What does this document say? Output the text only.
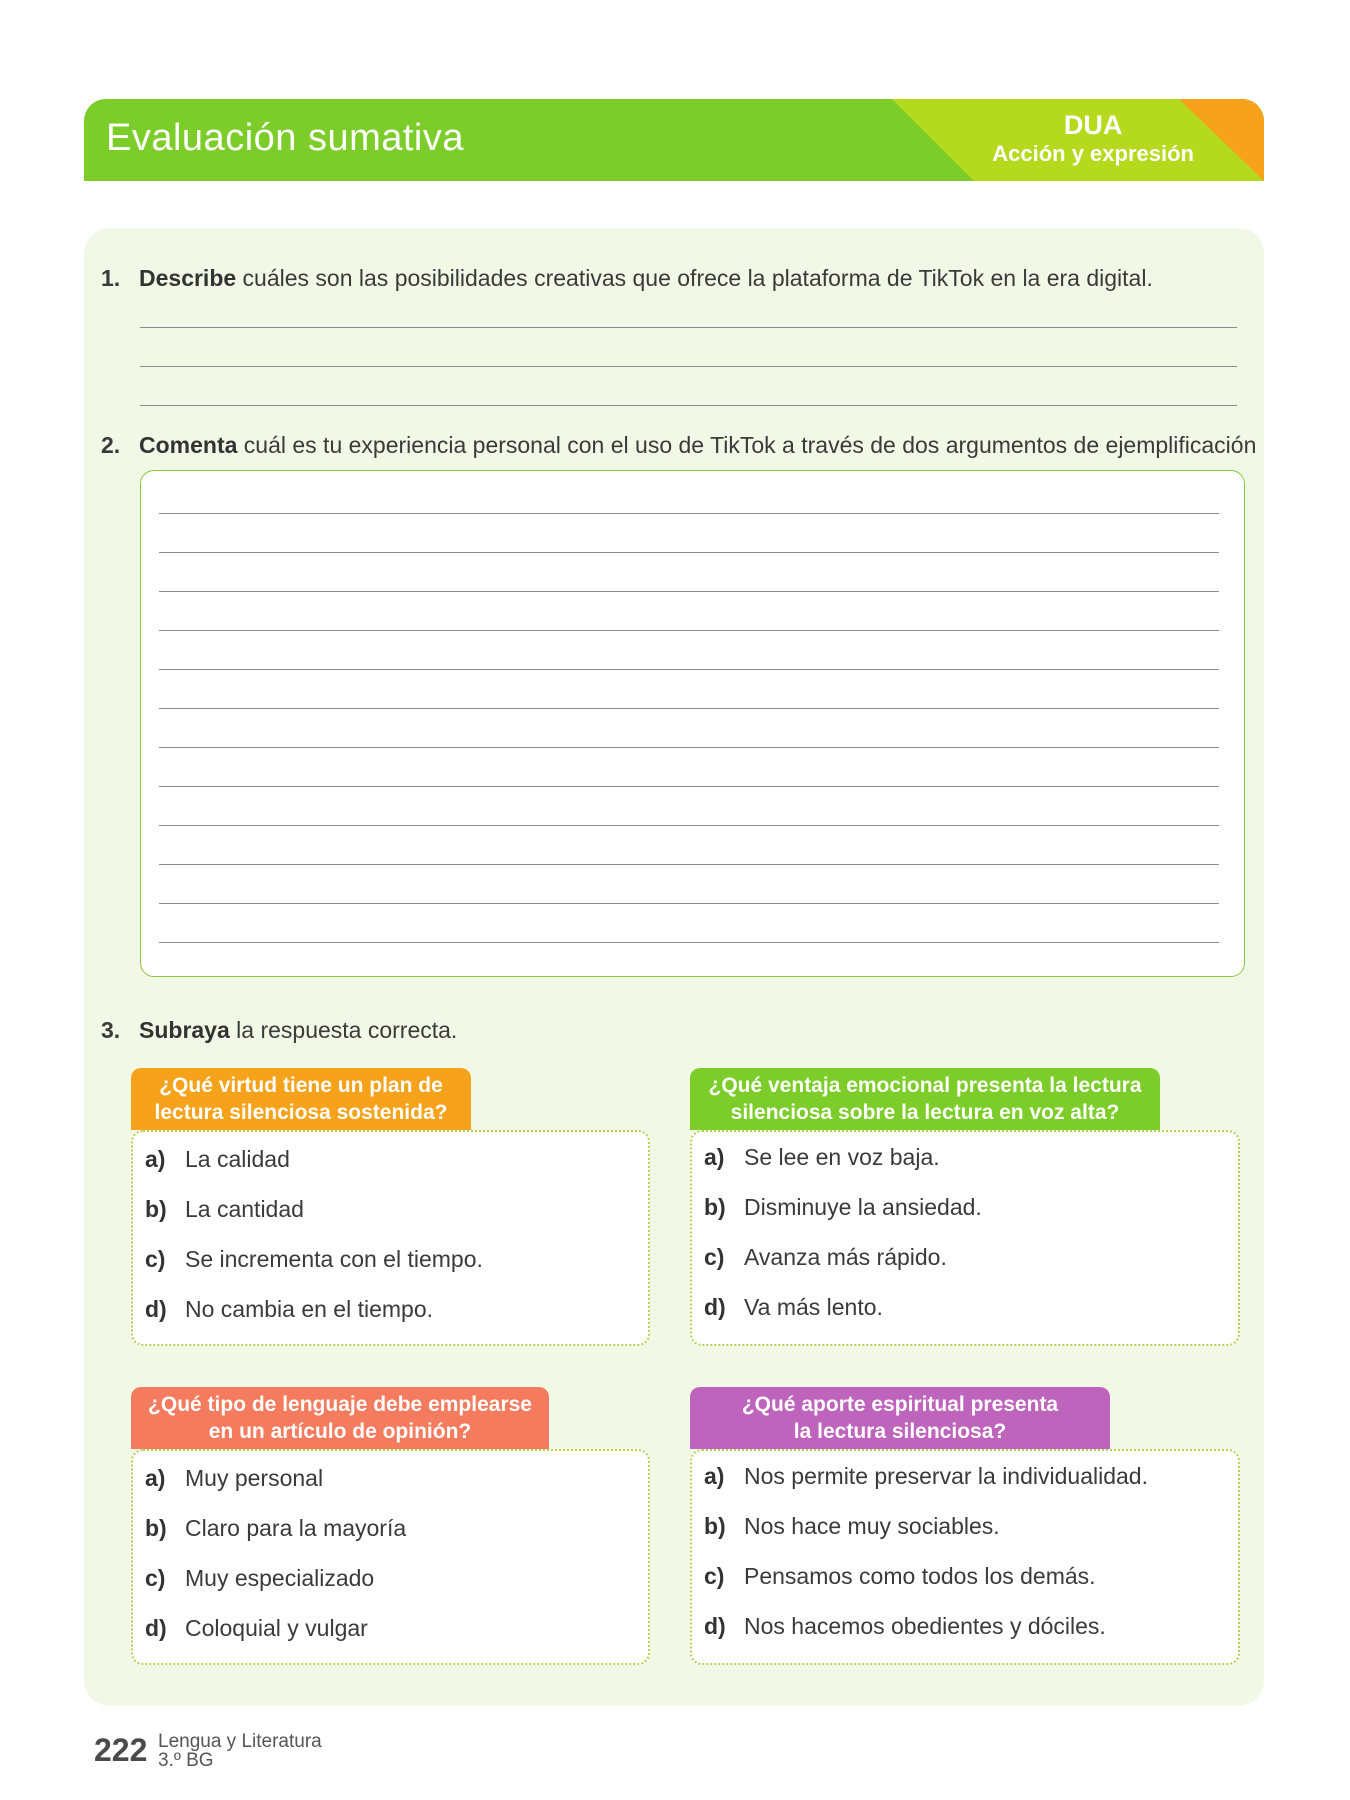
Evaluación sumativa	DUA
Acción y expresión
1. Describe cuáles son las posibilidades creativas que ofrece la plataforma de TikTok en la era digital.
2. Comenta cuál es tu experiencia personal con el uso de TikTok a través de dos argumentos de ejemplificación
3. Subraya la respuesta correcta.
¿Qué virtud tiene un plan de
lectura silenciosa sostenida?
a) La calidad
b) La cantidad
c) Se incrementa con el tiempo.
d) No cambia en el tiempo.
¿Qué ventaja emocional presenta la lectura
silenciosa sobre la lectura en voz alta?
a) Se lee en voz baja.
b) Disminuye la ansiedad.
c) Avanza más rápido.
d) Va más lento.
¿Qué tipo de lenguaje debe emplearse
en un artículo de opinión?
a) Muy personal
b) Claro para la mayoría
c) Muy especializado
d) Coloquial y vulgar
¿Qué aporte espiritual presenta
la lectura silenciosa?
a) Nos permite preservar la individualidad.
b) Nos hace muy sociables.
c) Pensamos como todos los demás.
d) Nos hacemos obedientes y dóciles.
222 Lengua y Literatura
3.º BG
